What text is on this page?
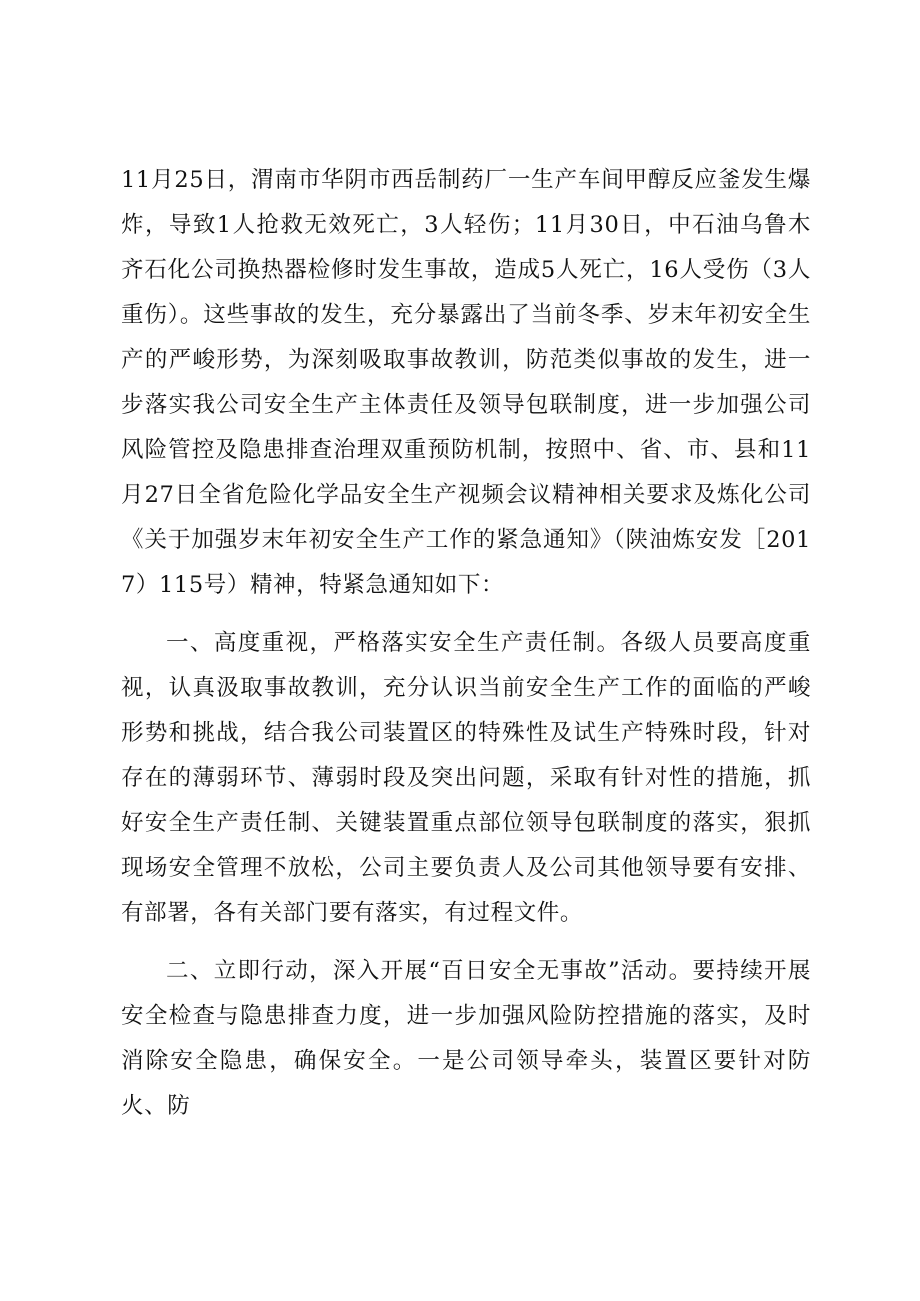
11月25日，渭南市华阴市西岳制药厂一生产车间甲醇反应釜发生爆炸，导致1人抢救无效死亡，3人轻伤；11月30日，中石油乌鲁木齐石化公司换热器检修时发生事故，造成5人死亡，16人受伤（3人重伤）。这些事故的发生，充分暴露出了当前冬季、岁末年初安全生产的严峻形势，为深刻吸取事故教训，防范类似事故的发生，进一步落实我公司安全生产主体责任及领导包联制度，进一步加强公司风险管控及隐患排查治理双重预防机制，按照中、省、市、县和11月27日全省危险化学品安全生产视频会议精神相关要求及炼化公司《关于加强岁末年初安全生产工作的紧急通知》（陕油炼安发［2017）115号）精神，特紧急通知如下：

一、高度重视，严格落实安全生产责任制。各级人员要高度重视，认真汲取事故教训，充分认识当前安全生产工作的面临的严峻形势和挑战，结合我公司装置区的特殊性及试生产特殊时段，针对存在的薄弱环节、薄弱时段及突出问题，采取有针对性的措施，抓好安全生产责任制、关键装置重点部位领导包联制度的落实，狠抓现场安全管理不放松，公司主要负责人及公司其他领导要有安排、有部署，各有关部门要有落实，有过程文件。

二、立即行动，深入开展“百日安全无事故”活动。要持续开展安全检查与隐患排查力度，进一步加强风险防控措施的落实，及时消除安全隐患，确保安全。一是公司领导牵头，装置区要针对防火、防
